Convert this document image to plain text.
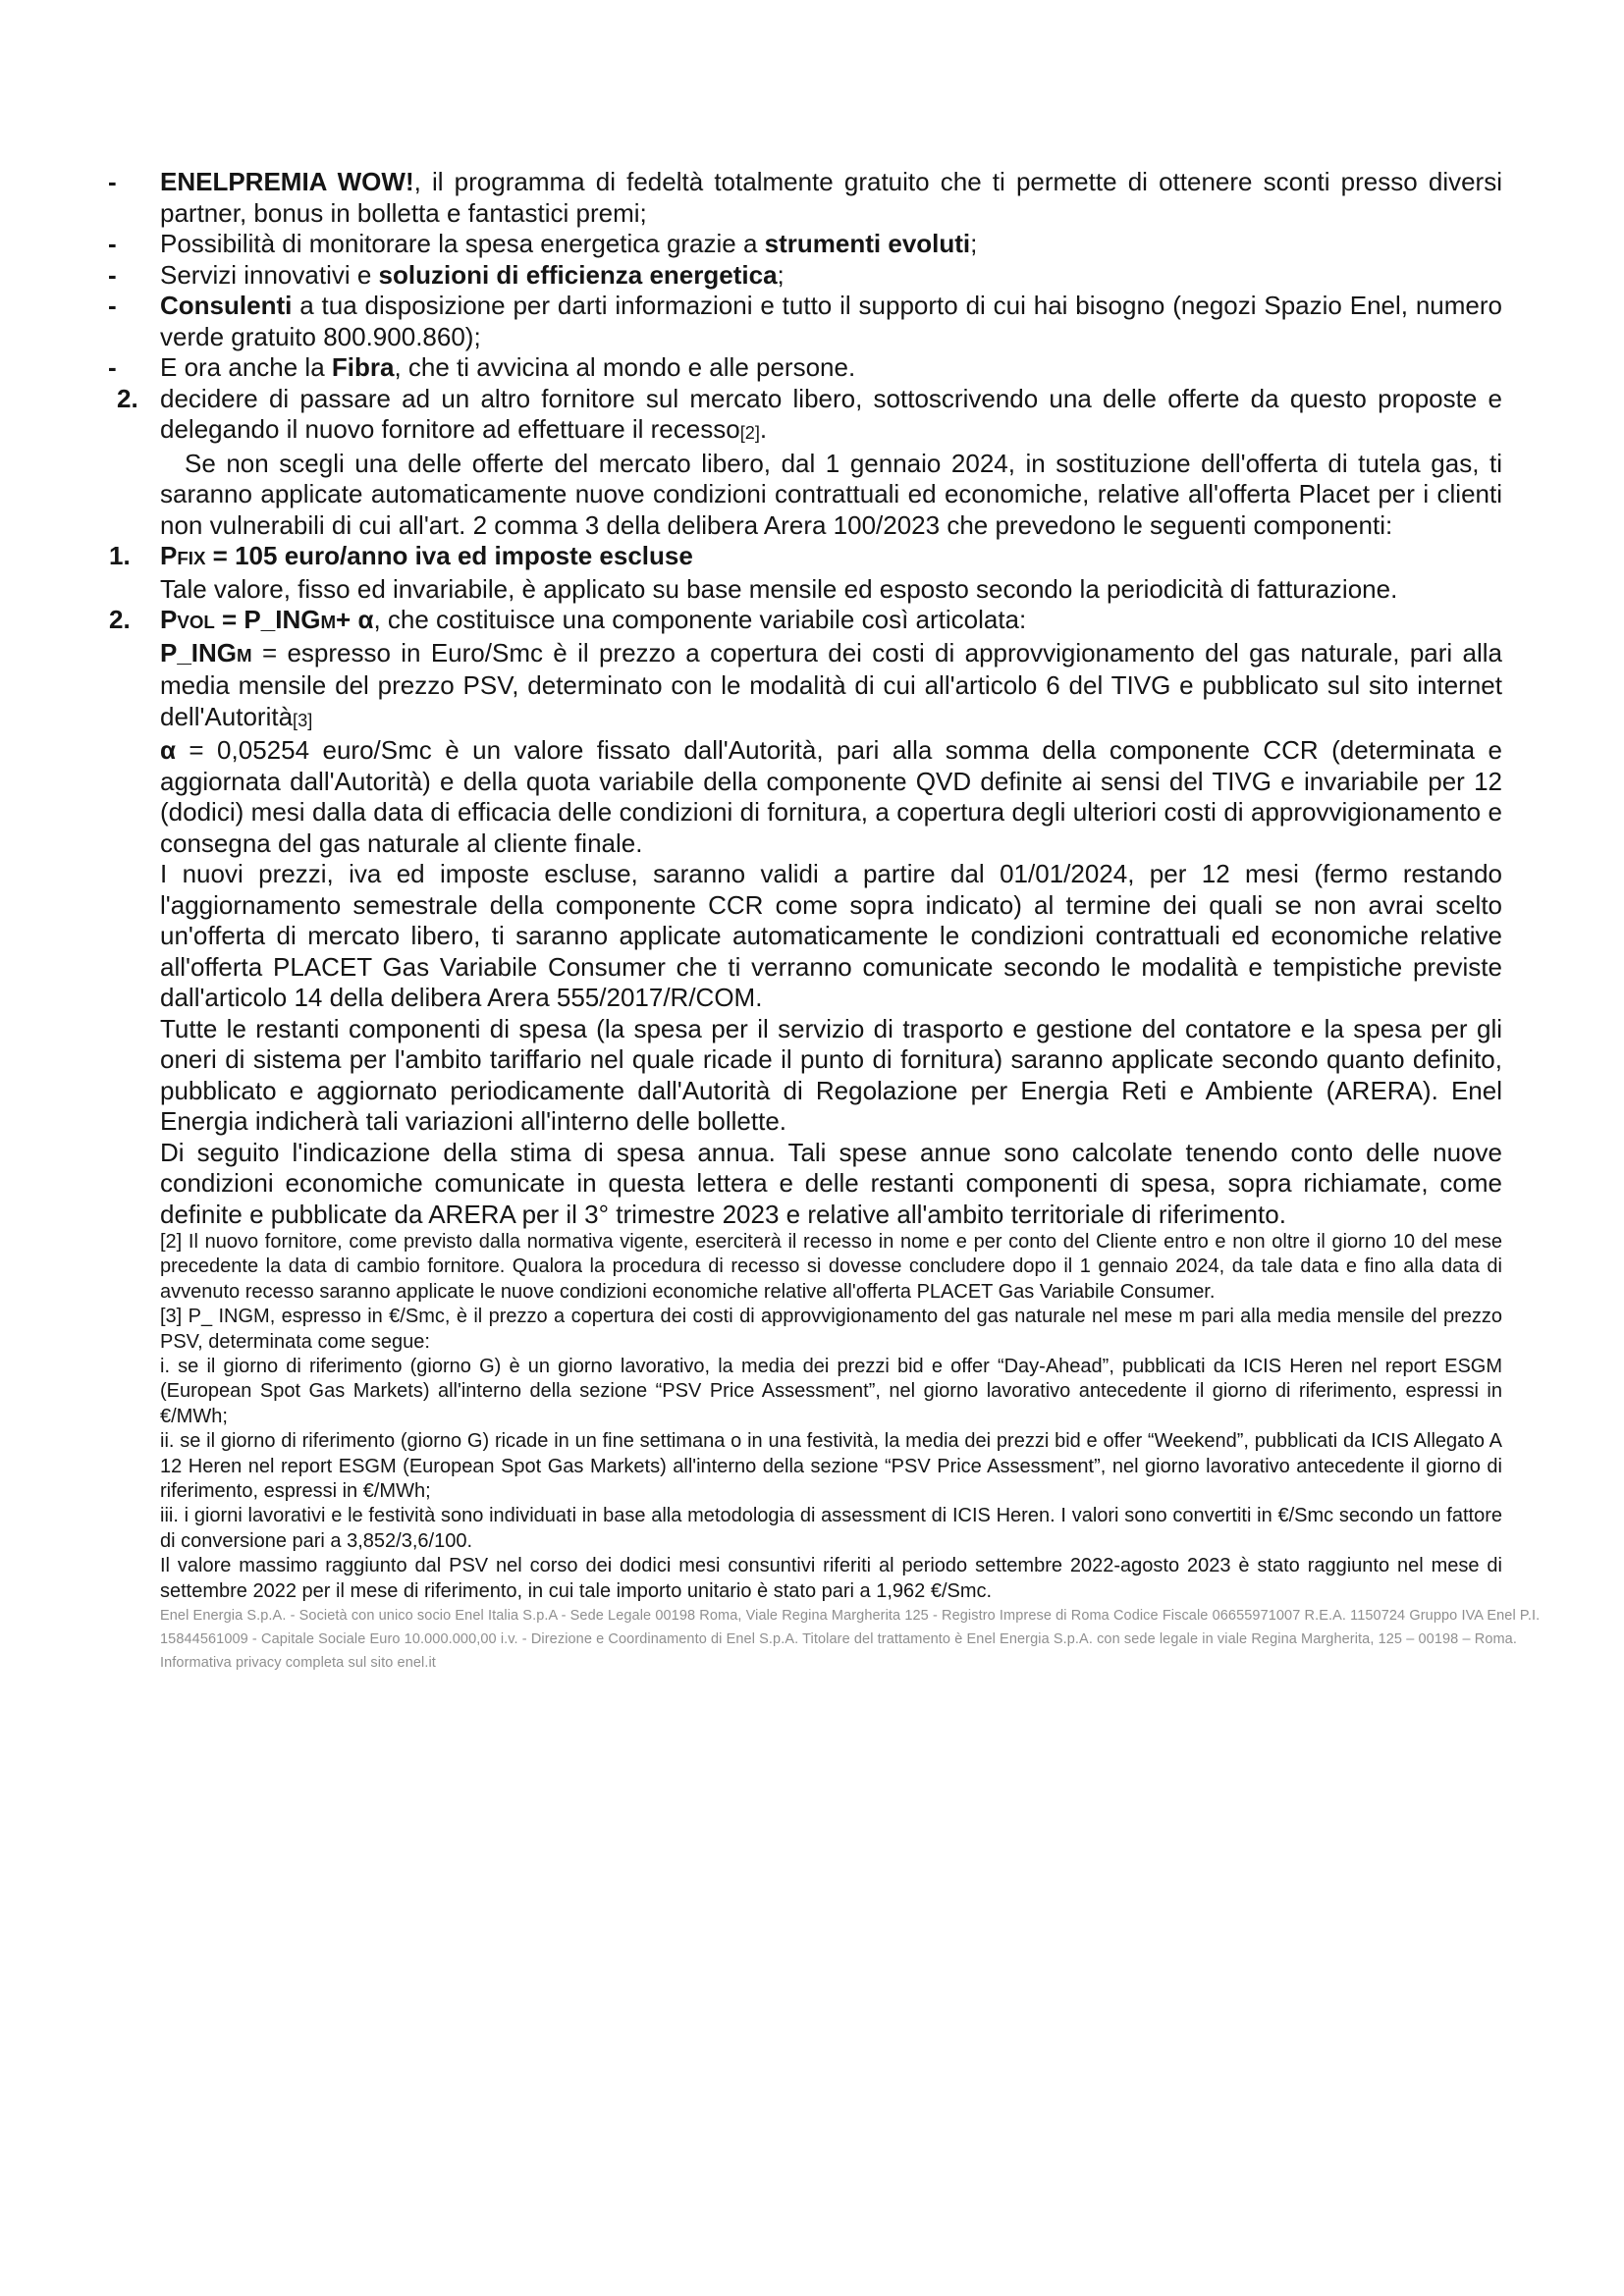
- ENELPREMIA WOW!, il programma di fedeltà totalmente gratuito che ti permette di ottenere sconti presso diversi partner, bonus in bolletta e fantastici premi;
- Possibilità di monitorare la spesa energetica grazie a strumenti evoluti;
- Servizi innovativi e soluzioni di efficienza energetica;
- Consulenti a tua disposizione per darti informazioni e tutto il supporto di cui hai bisogno (negozi Spazio Enel, numero verde gratuito 800.900.860);
- E ora anche la Fibra, che ti avvicina al mondo e alle persone.
2. decidere di passare ad un altro fornitore sul mercato libero, sottoscrivendo una delle offerte da questo proposte e delegando il nuovo fornitore ad effettuare il recesso[2].

Se non scegli una delle offerte del mercato libero, dal 1 gennaio 2024, in sostituzione dell'offerta di tutela gas, ti saranno applicate automaticamente nuove condizioni contrattuali ed economiche, relative all'offerta Placet per i clienti non vulnerabili di cui all'art. 2 comma 3 della delibera Arera 100/2023 che prevedono le seguenti componenti:

1. PFIX = 105 euro/anno iva ed imposte escluse

Tale valore, fisso ed invariabile, è applicato su base mensile ed esposto secondo la periodicità di fatturazione.

2. PVOL = P_INGM+ α, che costituisce una componente variabile così articolata:

P_INGM = espresso in Euro/Smc è il prezzo a copertura dei costi di approvvigionamento del gas naturale, pari alla media mensile del prezzo PSV, determinato con le modalità di cui all'articolo 6 del TIVG e pubblicato sul sito internet dell'Autorità[3]

α = 0,05254 euro/Smc è un valore fissato dall'Autorità, pari alla somma della componente CCR (determinata e aggiornata dall'Autorità) e della quota variabile della componente QVD definite ai sensi del TIVG e invariabile per 12 (dodici) mesi dalla data di efficacia delle condizioni di fornitura, a copertura degli ulteriori costi di approvvigionamento e consegna del gas naturale al cliente finale.

I nuovi prezzi, iva ed imposte escluse, saranno validi a partire dal 01/01/2024, per 12 mesi (fermo restando l'aggiornamento semestrale della componente CCR come sopra indicato) al termine dei quali se non avrai scelto un'offerta di mercato libero, ti saranno applicate automaticamente le condizioni contrattuali ed economiche relative all'offerta PLACET Gas Variabile Consumer che ti verranno comunicate secondo le modalità e tempistiche previste dall'articolo 14 della delibera Arera 555/2017/R/COM.

Tutte le restanti componenti di spesa (la spesa per il servizio di trasporto e gestione del contatore e la spesa per gli oneri di sistema per l'ambito tariffario nel quale ricade il punto di fornitura) saranno applicate secondo quanto definito, pubblicato e aggiornato periodicamente dall'Autorità di Regolazione per Energia Reti e Ambiente (ARERA). Enel Energia indicherà tali variazioni all'interno delle bollette.

Di seguito l'indicazione della stima di spesa annua. Tali spese annue sono calcolate tenendo conto delle nuove condizioni economiche comunicate in questa lettera e delle restanti componenti di spesa, sopra richiamate, come definite e pubblicate da ARERA per il 3° trimestre 2023 e relative all'ambito territoriale di riferimento.

[2] Il nuovo fornitore, come previsto dalla normativa vigente, eserciterà il recesso in nome e per conto del Cliente entro e non oltre il giorno 10 del mese precedente la data di cambio fornitore. Qualora la procedura di recesso si dovesse concludere dopo il 1 gennaio 2024, da tale data e fino alla data di avvenuto recesso saranno applicate le nuove condizioni economiche relative all'offerta PLACET Gas Variabile Consumer.

[3] P_ INGM, espresso in €/Smc, è il prezzo a copertura dei costi di approvvigionamento del gas naturale nel mese m pari alla media mensile del prezzo PSV, determinata come segue:

i. se il giorno di riferimento (giorno G) è un giorno lavorativo, la media dei prezzi bid e offer “Day-Ahead”, pubblicati da ICIS Heren nel report ESGM (European Spot Gas Markets) all'interno della sezione “PSV Price Assessment”, nel giorno lavorativo antecedente il giorno di riferimento, espressi in €/MWh;
ii. se il giorno di riferimento (giorno G) ricade in un fine settimana o in una festività, la media dei prezzi bid e offer “Weekend”, pubblicati da ICIS Allegato A 12 Heren nel report ESGM (European Spot Gas Markets) all'interno della sezione “PSV Price Assessment”, nel giorno lavorativo antecedente il giorno di riferimento, espressi in €/MWh;
iii. i giorni lavorativi e le festività sono individuati in base alla metodologia di assessment di ICIS Heren. I valori sono convertiti in €/Smc secondo un fattore di conversione pari a 3,852/3,6/100.
Il valore massimo raggiunto dal PSV nel corso dei dodici mesi consuntivi riferiti al periodo settembre 2022-agosto 2023 è stato raggiunto nel mese di settembre 2022 per il mese di riferimento, in cui tale importo unitario è stato pari a 1,962 €/Smc.
Enel Energia S.p.A. - Società con unico socio Enel Italia S.p.A - Sede Legale 00198 Roma, Viale Regina Margherita 125 - Registro Imprese di Roma Codice Fiscale 06655971007 R.E.A. 1150724 Gruppo IVA Enel P.I.
15844561009 - Capitale Sociale Euro 10.000.000,00 i.v. - Direzione e Coordinamento di Enel S.p.A. Titolare del trattamento è Enel Energia S.p.A. con sede legale in viale Regina Margherita, 125 – 00198 – Roma.
Informativa privacy completa sul sito enel.it
